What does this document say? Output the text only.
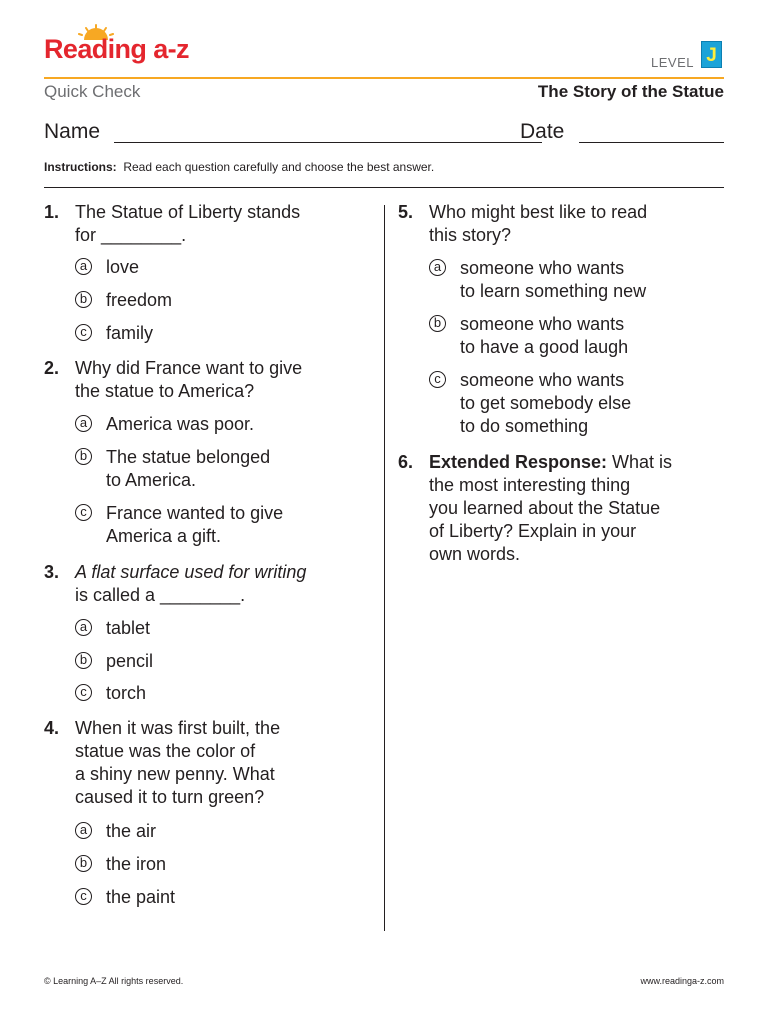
Reading a-z	LEVEL J
Quick Check	The Story of the Statue
Name	Date
Instructions: Read each question carefully and choose the best answer.
1. The Statue of Liberty stands
for ________.
a love
b freedom
c family
2. Why did France want to give
the statue to America?
a America was poor.
b The statue belonged
to America.
c France wanted to give
America a gift.
3. A flat surface used for writing
is called a ________.
a tablet
b pencil
c torch
4. When it was first built, the
statue was the color of
a shiny new penny. What
caused it to turn green?
a the air
b the iron
c the paint
5. Who might best like to read
this story?
a someone who wants
to learn something new
b someone who wants
to have a good laugh
c someone who wants
to get somebody else
to do something
6. Extended Response: What is
the most interesting thing
you learned about the Statue
of Liberty? Explain in your
own words.
© Learning A–Z All rights reserved.	www.readinga-z.com
